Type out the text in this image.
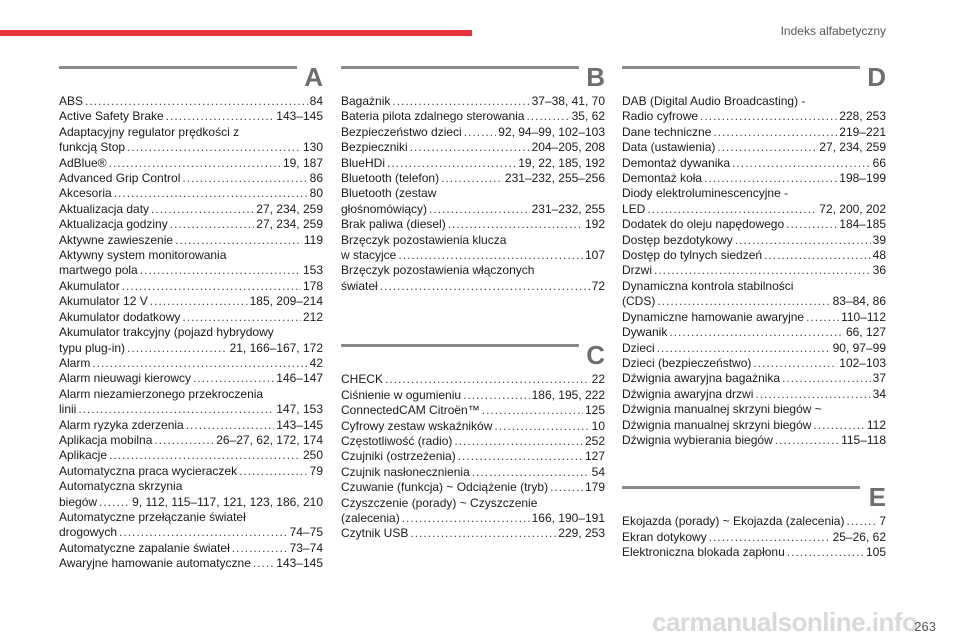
Indeks alfabetyczny
A
ABS .....	84
Active Safety Brake .....	143–145
Adaptacyjny regulator prędkości z
funkcją Stop .....	130
AdBlue® .....	19, 187
Advanced Grip Control .....	86
Akcesoria .....	80
Aktualizacja daty .....	27, 234, 259
Aktualizacja godziny .....	27, 234, 259
Aktywne zawieszenie .....	119
Aktywny system monitorowania
martwego pola .....	153
Akumulator .....	178
Akumulator 12 V .....	185, 209–214
Akumulator dodatkowy .....	212
Akumulator trakcyjny (pojazd hybrydowy
typu plug-in) .....	21, 166–167, 172
Alarm .....	42
Alarm nieuwagi kierowcy .....	146–147
Alarm niezamierzonego przekroczenia
linii .....	147, 153
Alarm ryzyka zderzenia .....	143–145
Aplikacja mobilna .....	26–27, 62, 172, 174
Aplikacje .....	250
Automatyczna praca wycieraczek .....	79
Automatyczna skrzynia
biegów .....	9, 112, 115–117, 121, 123, 186, 210
Automatyczne przełączanie świateł
drogowych .....	74–75
Automatyczne zapalanie świateł .....	73–74
Awaryjne hamowanie automatyczne ..... 143–145
B
Bagażnik .....	37–38, 41, 70
Bateria pilota zdalnego sterowania .....	35, 62
Bezpieczeństwo dzieci .....	92, 94–99, 102–103
Bezpieczniki .....	204–205, 208
BlueHDi .....	19, 22, 185, 192
Bluetooth (telefon) .....	231–232, 255–256
Bluetooth (zestaw
głośnomówiący) .....	231–232, 255
Brak paliwa (diesel) .....	192
Brzęczyk pozostawienia klucza
w stacyjce .....	107
Brzęczyk pozostawienia włączonych
świateł .....	72
C
CHECK .....	22
Ciśnienie w ogumieniu .....	186, 195, 222
ConnectedCAM Citroën™ .....	125
Cyfrowy zestaw wskaźników .....	10
Częstotliwość (radio) .....	252
Czujniki (ostrzeżenia) .....	127
Czujnik nasłonecznienia .....	54
Czuwanie (funkcja) ~ Odciążenie (tryb) .....	179
Czyszczenie (porady) ~ Czyszczenie
(zalecenia) .....	166, 190–191
Czytnik USB .....	229, 253
D
DAB (Digital Audio Broadcasting) -
Radio cyfrowe .....	228, 253
Dane techniczne .....	219–221
Data (ustawienia) .....	27, 234, 259
Demontaż dywanika .....	66
Demontaż koła .....	198–199
Diody elektroluminescencyjne -
LED .....	72, 200, 202
Dodatek do oleju napędowego .....	184–185
Dostęp bezdotykowy .....	39
Dostęp do tylnych siedzeń .....	48
Drzwi .....	36
Dynamiczna kontrola stabilności
(CDS) .....	83–84, 86
Dynamiczne hamowanie awaryjne .....	110–112
Dywanik .....	66, 127
Dzieci .....	90, 97–99
Dzieci (bezpieczeństwo) .....	102–103
Dźwignia awaryjna bagażnika .....	37
Dźwignia awaryjna drzwi .....	34
Dźwignia manualnej skrzyni biegów ~
Dźwignia manualnej skrzyni biegów .....	112
Dźwignia wybierania biegów .....	115–118
E
Ekojazda (porady) ~ Ekojazda (zalecenia) .....	7
Ekran dotykowy .....	25–26, 62
Elektroniczna blokada zapłonu .....	105
carmanualsonline.info
263
